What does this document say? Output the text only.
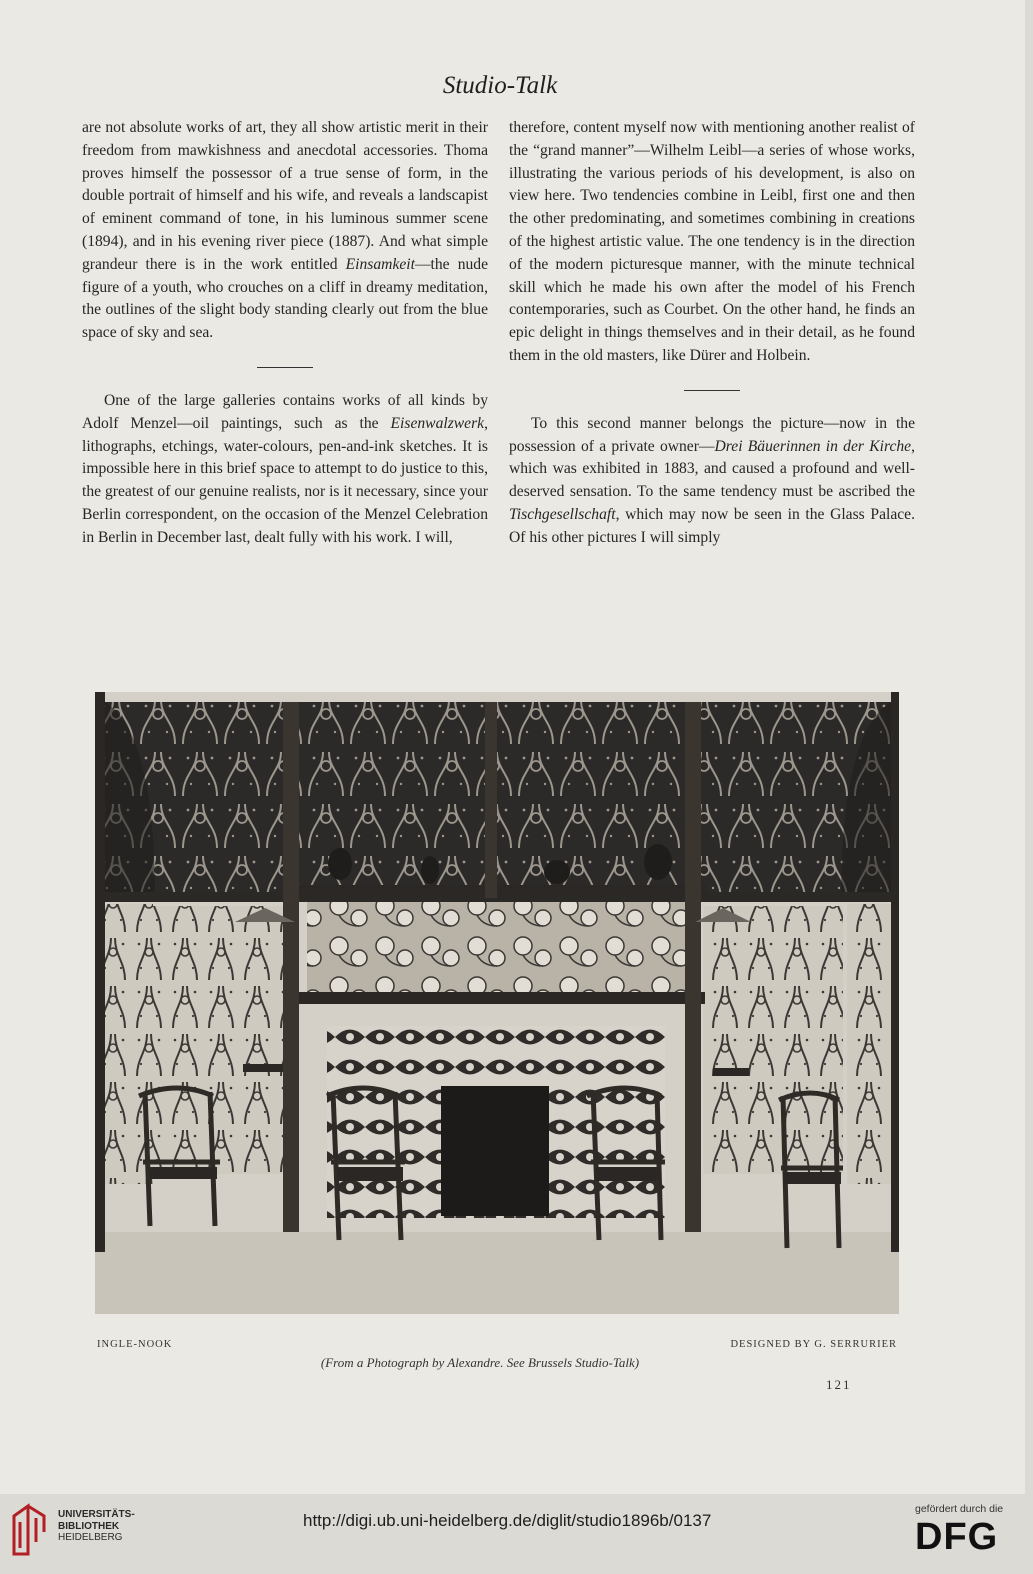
Studio-Talk

are not absolute works of art, they all show artistic merit in their freedom from mawkishness and anecdotal accessories. Thoma proves himself the possessor of a true sense of form, in the double portrait of himself and his wife, and reveals a landscapist of eminent command of tone, in his luminous summer scene (1894), and in his evening river piece (1887). And what simple grandeur there is in the work entitled Einsamkeit—the nude figure of a youth, who crouches on a cliff in dreamy meditation, the outlines of the slight body standing clearly out from the blue space of sky and sea.

One of the large galleries contains works of all kinds by Adolf Menzel—oil paintings, such as the Eisenwalzwerk, lithographs, etchings, water-colours, pen-and-ink sketches. It is impossible here in this brief space to attempt to do justice to this, the greatest of our genuine realists, nor is it necessary, since your Berlin correspondent, on the occasion of the Menzel Celebration in Berlin in December last, dealt fully with his work. I will,

therefore, content myself now with mentioning another realist of the “grand manner”—Wilhelm Leibl—a series of whose works, illustrating the various periods of his development, is also on view here. Two tendencies combine in Leibl, first one and then the other predominating, and sometimes combining in creations of the highest artistic value. The one tendency is in the direction of the modern picturesque manner, with the minute technical skill which he made his own after the model of his French contemporaries, such as Courbet. On the other hand, he finds an epic delight in things themselves and in their detail, as he found them in the old masters, like Dürer and Holbein.

To this second manner belongs the picture—now in the possession of a private owner—Drei Bäuerinnen in der Kirche, which was exhibited in 1883, and caused a profound and well-deserved sensation. To the same tendency must be ascribed the Tischgesellschaft, which may now be seen in the Glass Palace. Of his other pictures I will simply

INGLE-NOOK	DESIGNED BY G. SERRURIER
(From a Photograph by Alexandre. See Brussels Studio-Talk)
121
UNIVERSITÄTS-
BIBLIOTHEK
HEIDELBERG
http://digi.ub.uni-heidelberg.de/diglit/studio1896b/0137
gefördert durch die
DFG
